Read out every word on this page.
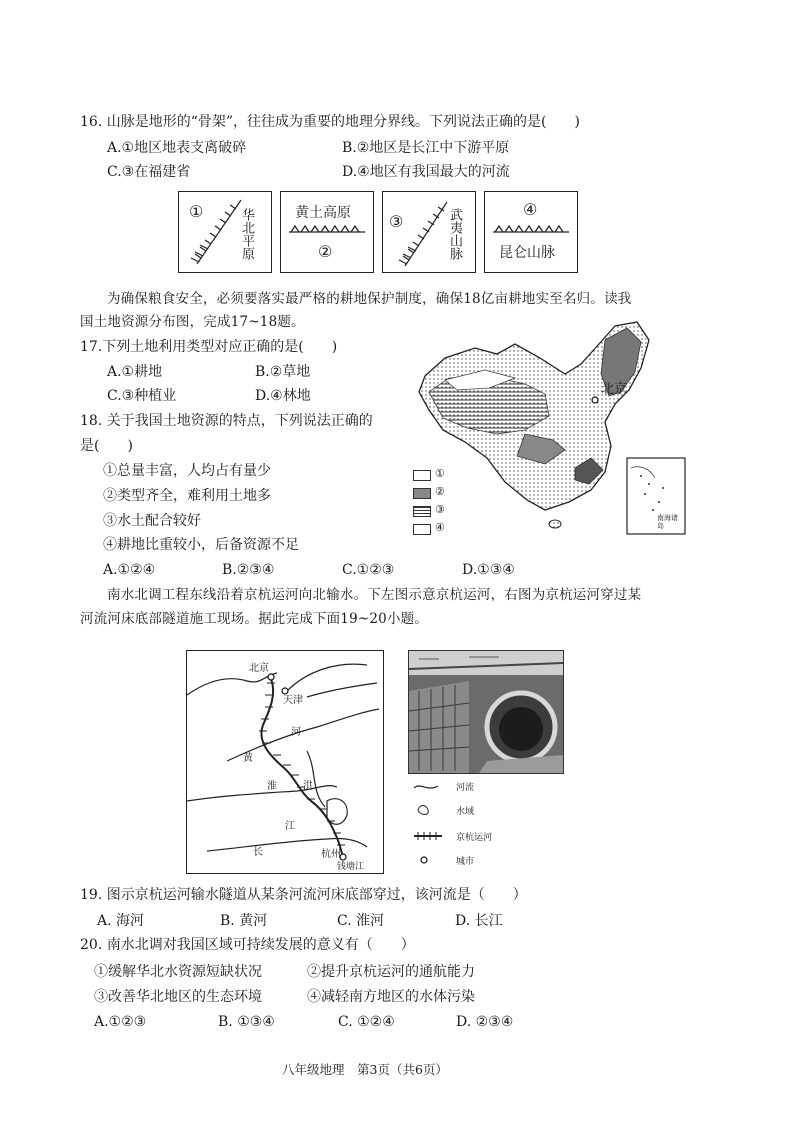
16. 山脉是地形的“骨架”，往往成为重要的地理分界线。下列说法正确的是(　　)
A.①地区地表支离破碎	B.②地区是长江中下游平原
C.③在福建省	D.④地区有我国最大的河流
①	华北平原	黄土高原
②
③	武夷山脉	④
昆仑山脉
为确保粮食安全，必须要落实最严格的耕地保护制度，确保18亿亩耕地实至名归。读我
国土地资源分布图，完成17~18题。
17.下列土地利用类型对应正确的是(　　)
A.①耕地	B.②草地
C.③种植业	D.④林地
18. 关于我国土地资源的特点，下列说法正确的
是(　　)
①总量丰富，人均占有量少
②类型齐全，难利用土地多
③水土配合较好
④耕地比重较小，后备资源不足
A.①②④	B.②③④	C.①②③	D.①③④
北京
南海诸岛
①
②
③
④
南水北调工程东线沿着京杭运河向北输水。下左图示意京杭运河，右图为京杭运河穿过某
河流河床底部隧道施工现场。据此完成下面19~20小题。
北京
天津
河
黄
淮	洪
江
长	杭州
钱塘江
河流
水域
京杭运河
城市
19. 图示京杭运河输水隧道从某条河流河床底部穿过，该河流是（　　）
A. 海河	B. 黄河	C. 淮河	D. 长江
20. 南水北调对我国区域可持续发展的意义有（　　）
①缓解华北水资源短缺状况	②提升京杭运河的通航能力
③改善华北地区的生态环境	④减轻南方地区的水体污染
A.①②③	B. ①③④	C. ①②④	D. ②③④
八年级地理　第3页（共6页）
